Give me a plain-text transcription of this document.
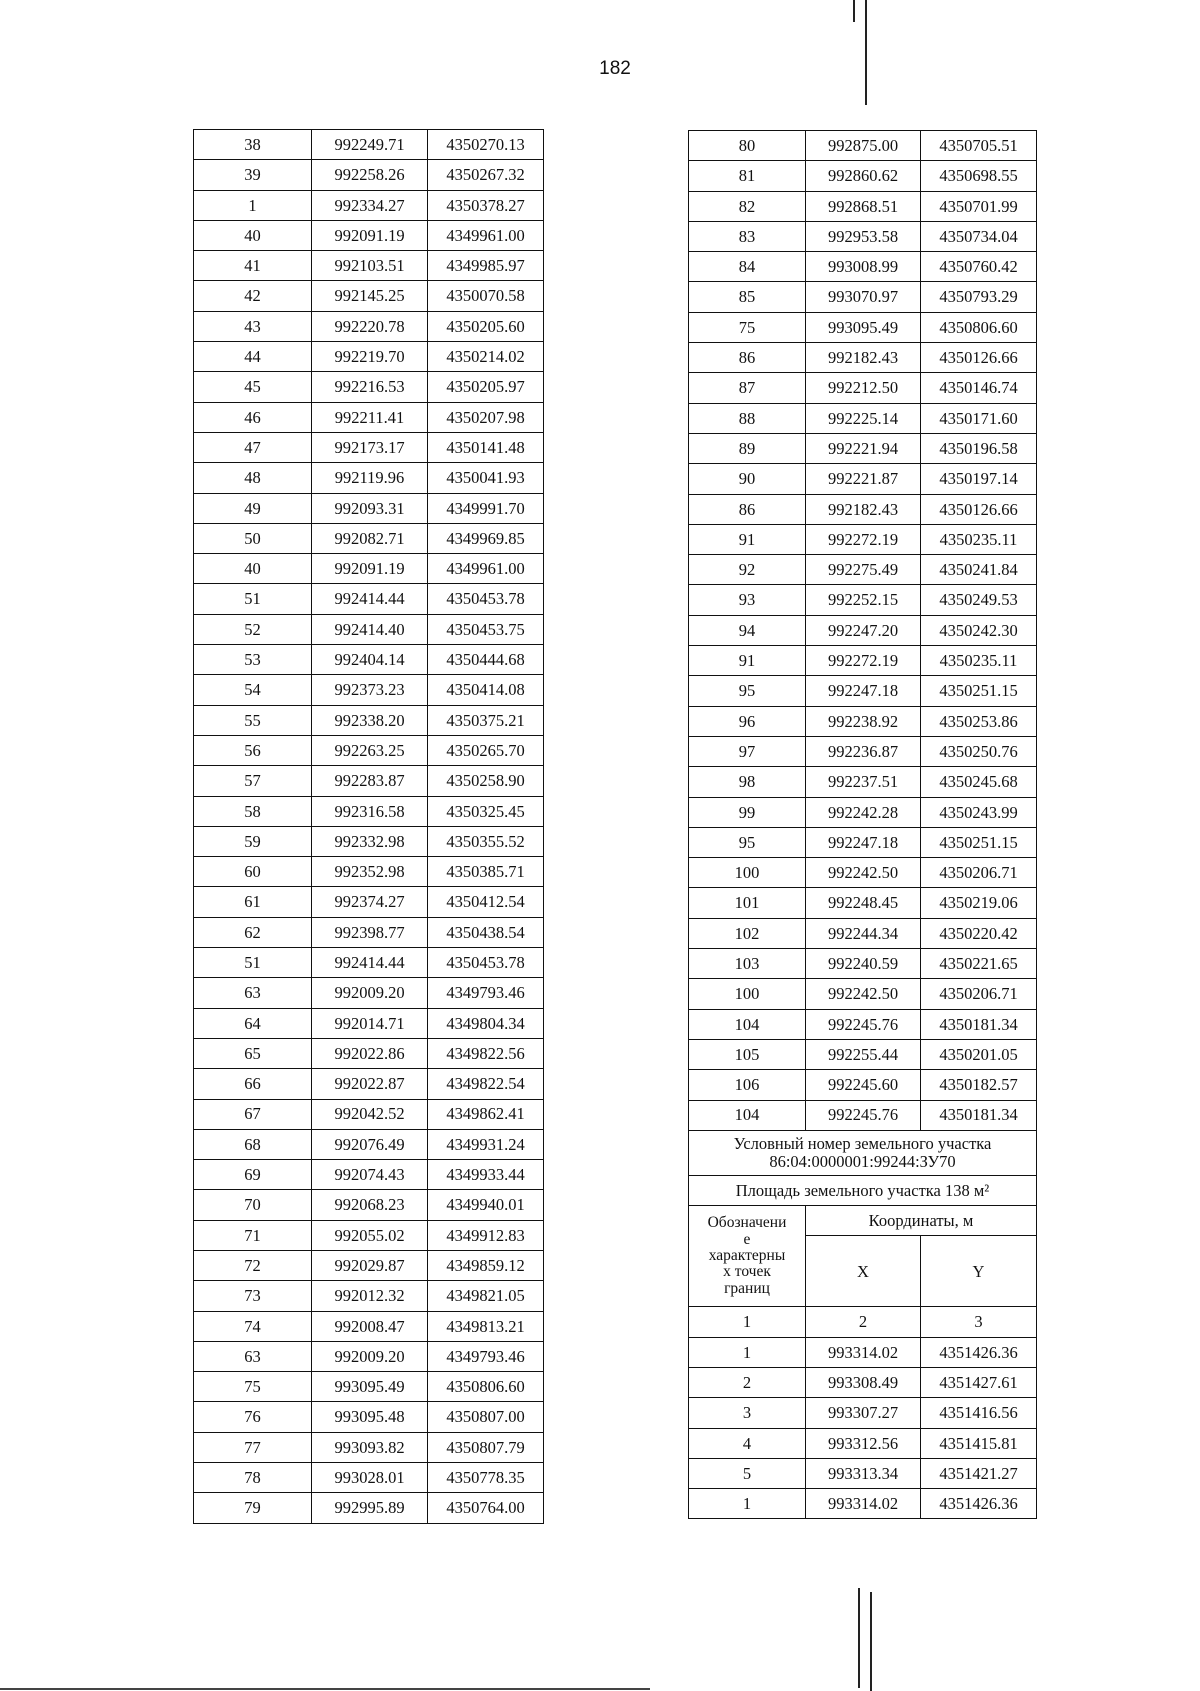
182
38	992249.71	4350270.13
39	992258.26	4350267.32
1	992334.27	4350378.27
40	992091.19	4349961.00
41	992103.51	4349985.97
42	992145.25	4350070.58
43	992220.78	4350205.60
44	992219.70	4350214.02
45	992216.53	4350205.97
46	992211.41	4350207.98
47	992173.17	4350141.48
48	992119.96	4350041.93
49	992093.31	4349991.70
50	992082.71	4349969.85
40	992091.19	4349961.00
51	992414.44	4350453.78
52	992414.40	4350453.75
53	992404.14	4350444.68
54	992373.23	4350414.08
55	992338.20	4350375.21
56	992263.25	4350265.70
57	992283.87	4350258.90
58	992316.58	4350325.45
59	992332.98	4350355.52
60	992352.98	4350385.71
61	992374.27	4350412.54
62	992398.77	4350438.54
51	992414.44	4350453.78
63	992009.20	4349793.46
64	992014.71	4349804.34
65	992022.86	4349822.56
66	992022.87	4349822.54
67	992042.52	4349862.41
68	992076.49	4349931.24
69	992074.43	4349933.44
70	992068.23	4349940.01
71	992055.02	4349912.83
72	992029.87	4349859.12
73	992012.32	4349821.05
74	992008.47	4349813.21
63	992009.20	4349793.46
75	993095.49	4350806.60
76	993095.48	4350807.00
77	993093.82	4350807.79
78	993028.01	4350778.35
79	992995.89	4350764.00
80	992875.00	4350705.51
81	992860.62	4350698.55
82	992868.51	4350701.99
83	992953.58	4350734.04
84	993008.99	4350760.42
85	993070.97	4350793.29
75	993095.49	4350806.60
86	992182.43	4350126.66
87	992212.50	4350146.74
88	992225.14	4350171.60
89	992221.94	4350196.58
90	992221.87	4350197.14
86	992182.43	4350126.66
91	992272.19	4350235.11
92	992275.49	4350241.84
93	992252.15	4350249.53
94	992247.20	4350242.30
91	992272.19	4350235.11
95	992247.18	4350251.15
96	992238.92	4350253.86
97	992236.87	4350250.76
98	992237.51	4350245.68
99	992242.28	4350243.99
95	992247.18	4350251.15
100	992242.50	4350206.71
101	992248.45	4350219.06
102	992244.34	4350220.42
103	992240.59	4350221.65
100	992242.50	4350206.71
104	992245.76	4350181.34
105	992255.44	4350201.05
106	992245.60	4350182.57
104	992245.76	4350181.34
Условный номер земельного участка
86:04:0000001:99244:ЗУ70		
Площадь земельного участка 138 м²		
Обозначени
е
характерны
х точек
границ	Координаты, м	
	X	Y
1	2	3
1	993314.02	4351426.36
2	993308.49	4351427.61
3	993307.27	4351416.56
4	993312.56	4351415.81
5	993313.34	4351421.27
1	993314.02	4351426.36
